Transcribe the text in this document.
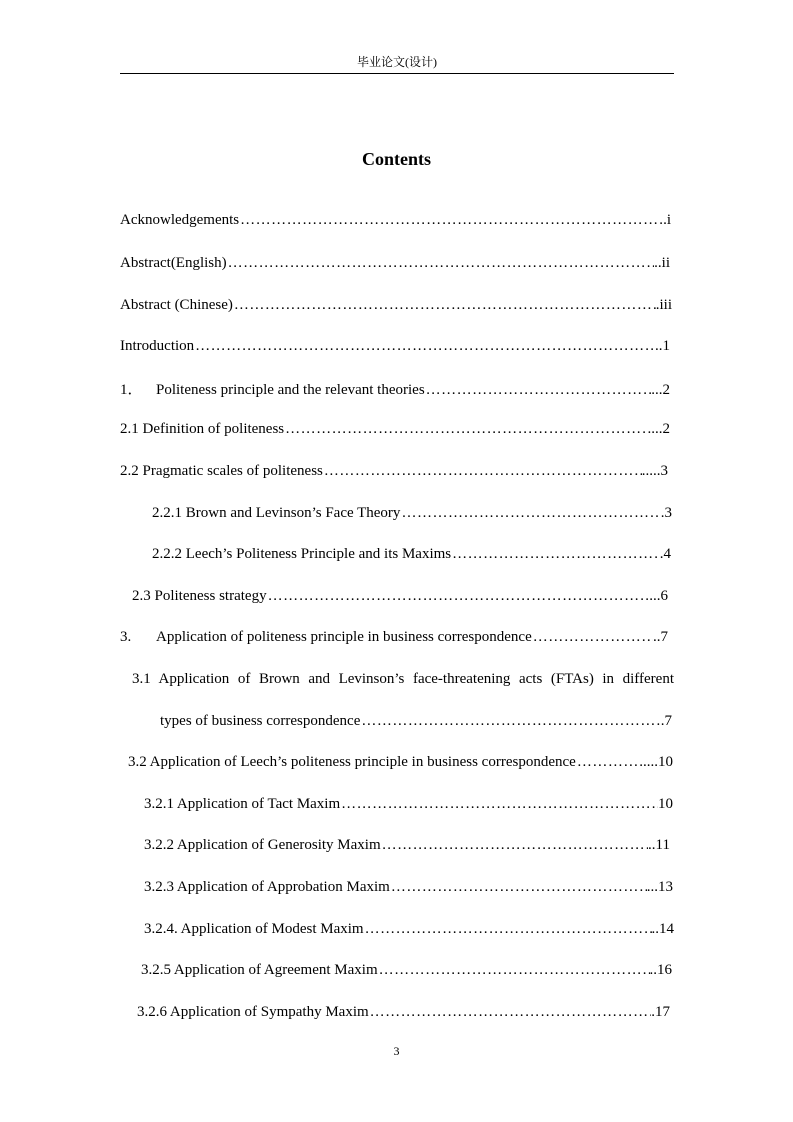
毕业论文(设计)
Contents
Acknowledgements ……………………………………………………………………………………………………………………………………………………………………	.i
Abstract(English) ……………………………………………………………………………………………………………………………………………………………………	..ii
Abstract (Chinese) ……………………………………………………………………………………………………………………………………………………………………	.iii
Introduction ……………………………………………………………………………………………………………………………………………………………………	..1
1． Politeness principle and the relevant theories ……………………………………………………………………………………………………………………………………………………………………	...2
2.1 Definition of politeness ……………………………………………………………………………………………………………………………………………………………………	....2
2.2 Pragmatic scales of politeness ……………………………………………………………………………………………………………………………………………………………………	.....3
2.2.1 Brown and Levinson’s Face Theory ……………………………………………………………………………………………………………………………………………………………………	.3
2.2.2 Leech’s Politeness Principle and its Maxims ……………………………………………………………………………………………………………………………………………………………………	.4
2.3 Politeness strategy ……………………………………………………………………………………………………………………………………………………………………	...6
3. Application of politeness principle in business correspondence ……………………………………………………………………………………………………………………………………………………………………	..7
3.1 Application of Brown and Levinson’s face-threatening acts (FTAs) in different
types of business correspondence ……………………………………………………………………………………………………………………………………………………………………	.7
3.2 Application of Leech’s politeness principle in business correspondence ……………………………………………………………………………………………………………………………………………………………………	.....10
3.2.1 Application of Tact Maxim ……………………………………………………………………………………………………………………………………………………………………	10
3.2.2 Application of Generosity Maxim ……………………………………………………………………………………………………………………………………………………………………	..11
3.2.3 Application of Approbation Maxim ……………………………………………………………………………………………………………………………………………………………………	...13
3.2.4. Application of Modest Maxim ……………………………………………………………………………………………………………………………………………………………………	..14
3.2.5 Application of Agreement Maxim ……………………………………………………………………………………………………………………………………………………………………	..16
3.2.6 Application of Sympathy Maxim ……………………………………………………………………………………………………………………………………………………………………	.17
3
